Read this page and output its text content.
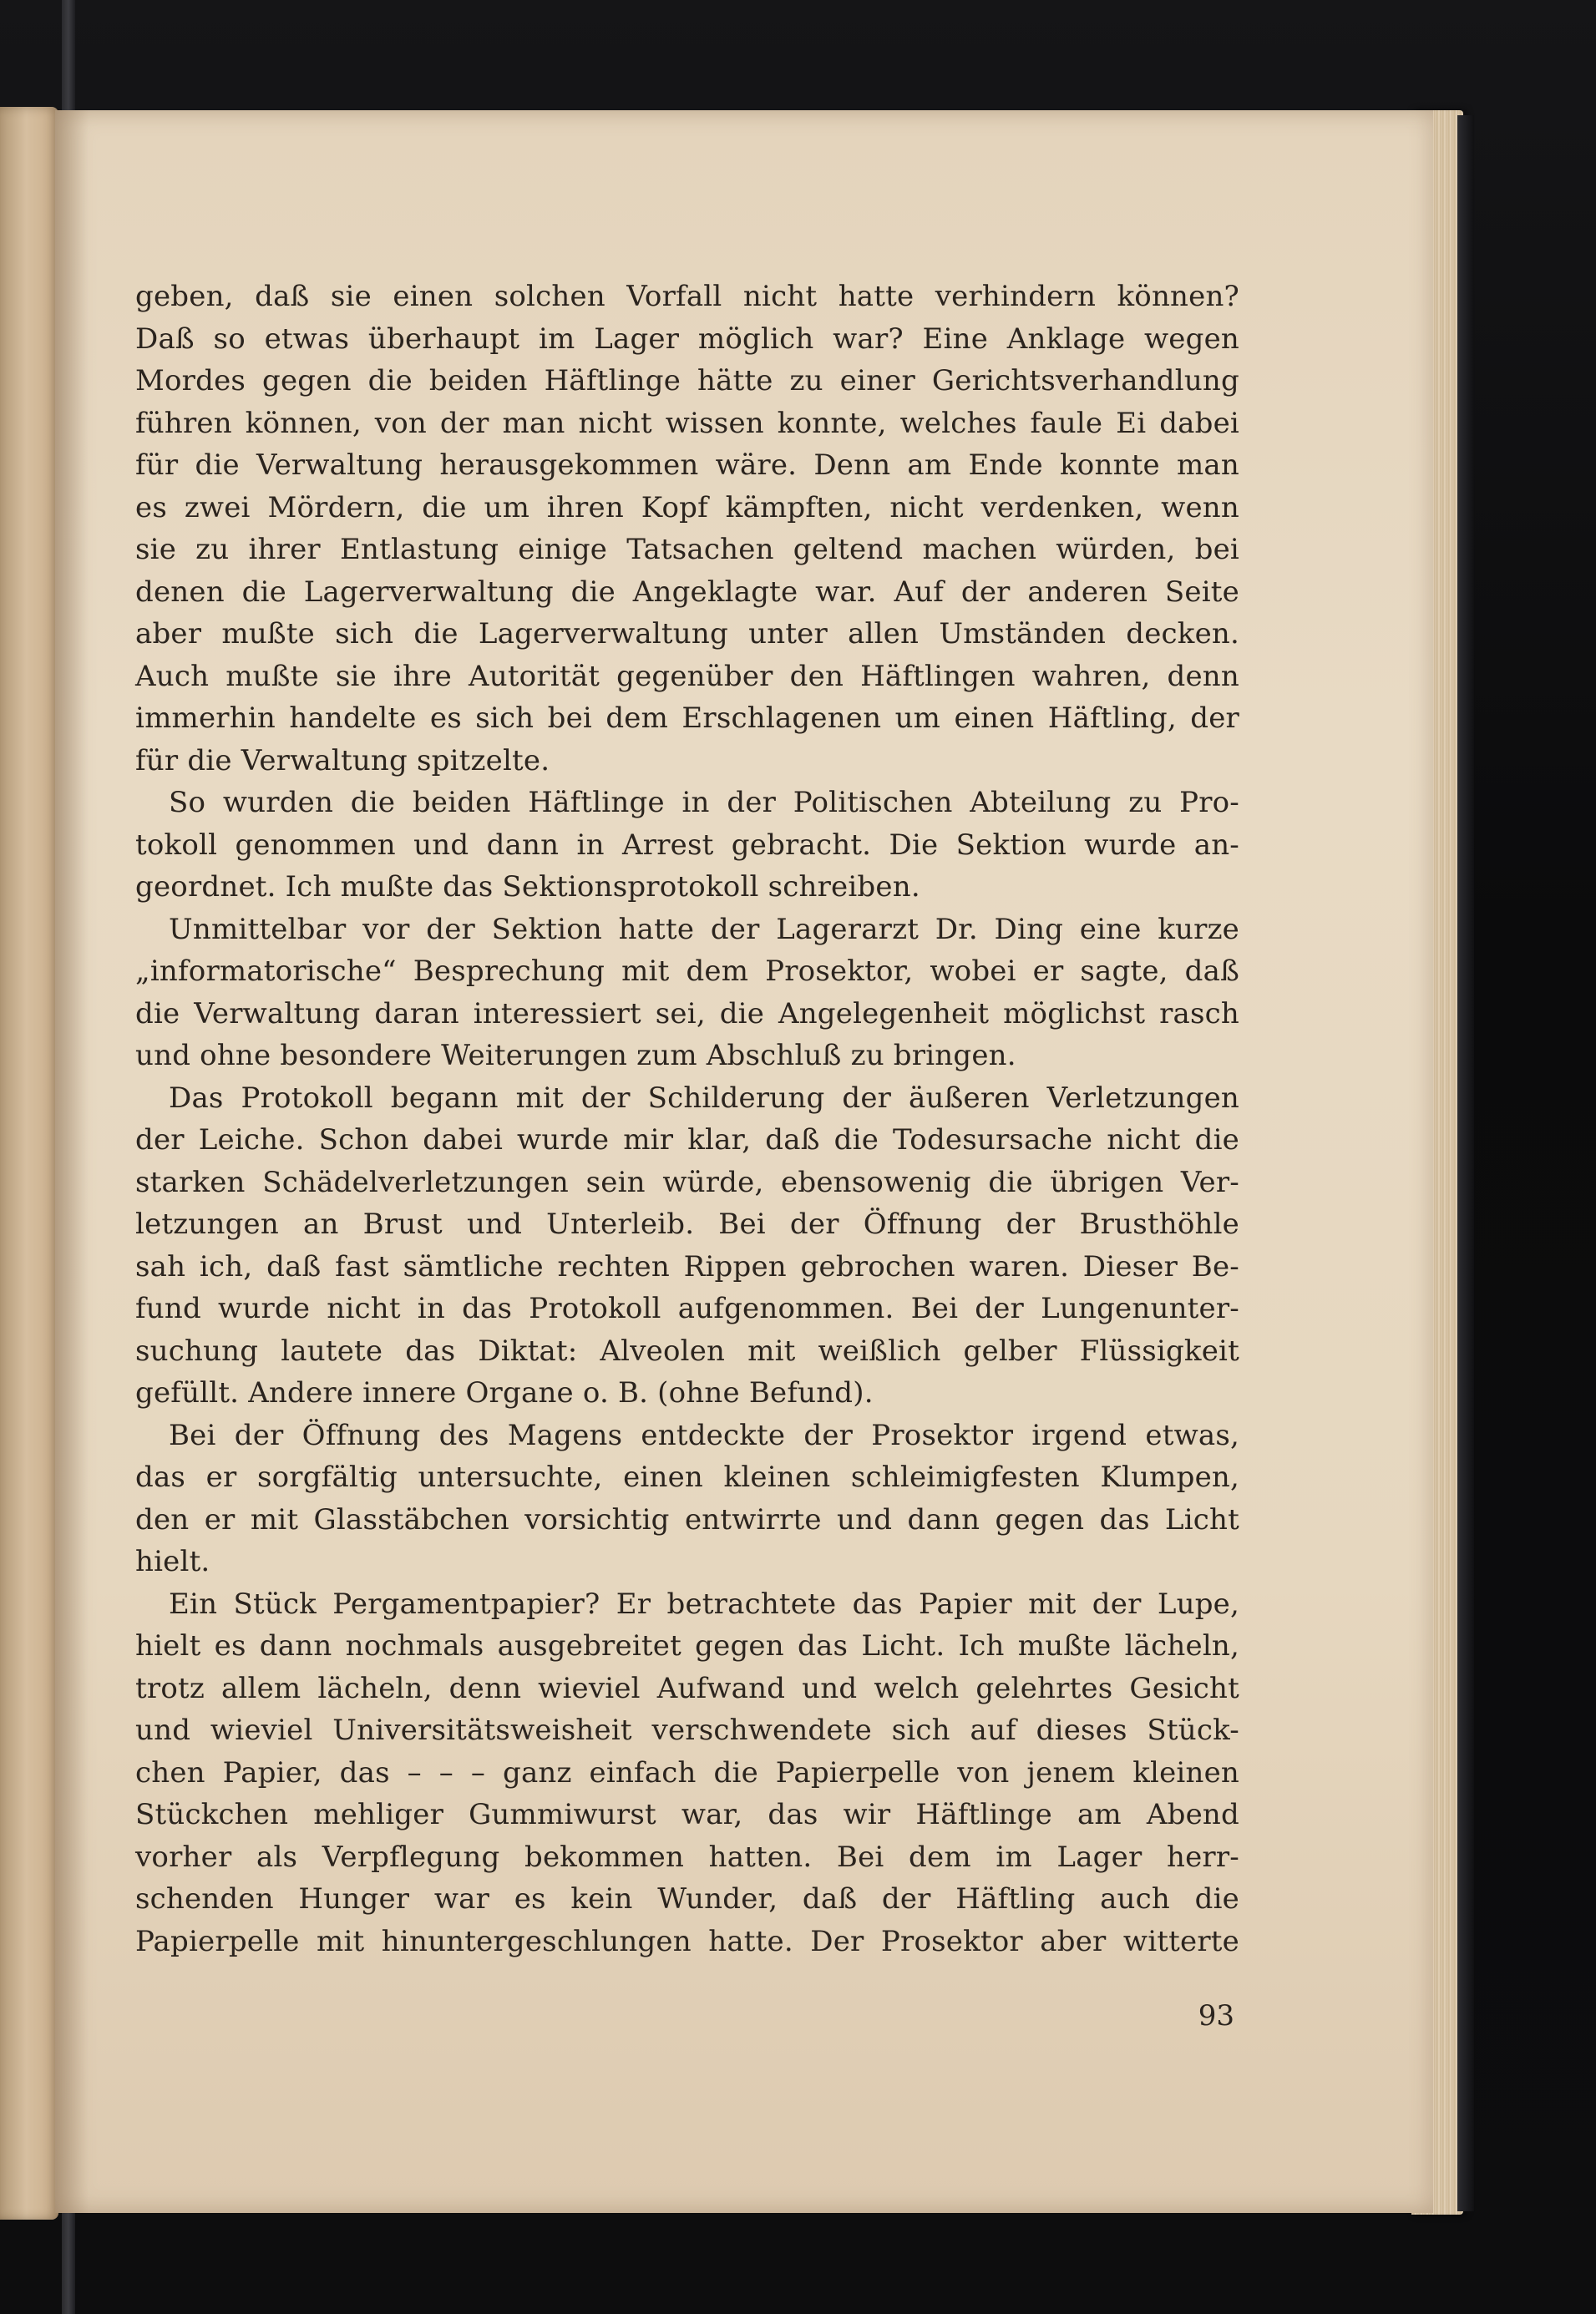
geben, daß sie einen solchen Vorfall nicht hatte verhindern können?
Daß so etwas überhaupt im Lager möglich war? Eine Anklage wegen
Mordes gegen die beiden Häftlinge hätte zu einer Gerichtsverhandlung
führen können, von der man nicht wissen konnte, welches faule Ei dabei
für die Verwaltung herausgekommen wäre. Denn am Ende konnte man
es zwei Mördern, die um ihren Kopf kämpften, nicht verdenken, wenn
sie zu ihrer Entlastung einige Tatsachen geltend machen würden, bei
denen die Lagerverwaltung die Angeklagte war. Auf der anderen Seite
aber mußte sich die Lagerverwaltung unter allen Umständen decken.
Auch mußte sie ihre Autorität gegenüber den Häftlingen wahren, denn
immerhin handelte es sich bei dem Erschlagenen um einen Häftling, der
für die Verwaltung spitzelte.
So wurden die beiden Häftlinge in der Politischen Abteilung zu Pro-
tokoll genommen und dann in Arrest gebracht. Die Sektion wurde an-
geordnet. Ich mußte das Sektionsprotokoll schreiben.
Unmittelbar vor der Sektion hatte der Lagerarzt Dr. Ding eine kurze
„informatorische“ Besprechung mit dem Prosektor, wobei er sagte, daß
die Verwaltung daran interessiert sei, die Angelegenheit möglichst rasch
und ohne besondere Weiterungen zum Abschluß zu bringen.
Das Protokoll begann mit der Schilderung der äußeren Verletzungen
der Leiche. Schon dabei wurde mir klar, daß die Todesursache nicht die
starken Schädelverletzungen sein würde, ebensowenig die übrigen Ver-
letzungen an Brust und Unterleib. Bei der Öffnung der Brusthöhle
sah ich, daß fast sämtliche rechten Rippen gebrochen waren. Dieser Be-
fund wurde nicht in das Protokoll aufgenommen. Bei der Lungenunter-
suchung lautete das Diktat: Alveolen mit weißlich gelber Flüssigkeit
gefüllt. Andere innere Organe o. B. (ohne Befund).
Bei der Öffnung des Magens entdeckte der Prosektor irgend etwas,
das er sorgfältig untersuchte, einen kleinen schleimigfesten Klumpen,
den er mit Glasstäbchen vorsichtig entwirrte und dann gegen das Licht
hielt.
Ein Stück Pergamentpapier? Er betrachtete das Papier mit der Lupe,
hielt es dann nochmals ausgebreitet gegen das Licht. Ich mußte lächeln,
trotz allem lächeln, denn wieviel Aufwand und welch gelehrtes Gesicht
und wieviel Universitätsweisheit verschwendete sich auf dieses Stück-
chen Papier, das – – – ganz einfach die Papierpelle von jenem kleinen
Stückchen mehliger Gummiwurst war, das wir Häftlinge am Abend
vorher als Verpflegung bekommen hatten. Bei dem im Lager herr-
schenden Hunger war es kein Wunder, daß der Häftling auch die
Papierpelle mit hinuntergeschlungen hatte. Der Prosektor aber witterte
93
